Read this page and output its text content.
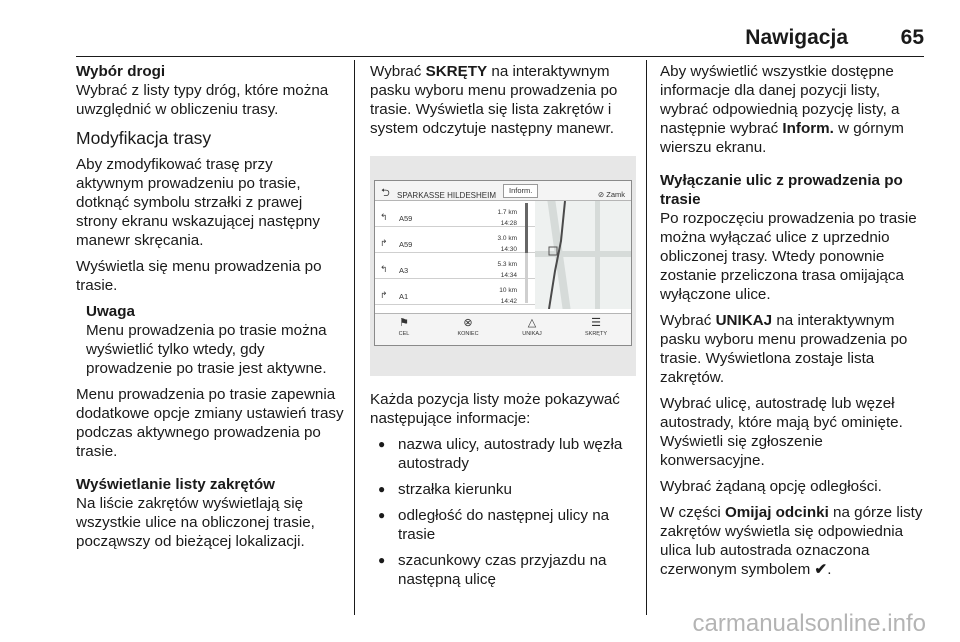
Nawigacja	65
Wybór drogi

Wybrać z listy typy dróg, które można uwzględnić w obliczeniu trasy.

Modyfikacja trasy

Aby zmodyfikować trasę przy aktywnym prowadzeniu po trasie, dotknąć symbolu strzałki z prawej strony ekranu wskazującej następny manewr skręcania.

Wyświetla się menu prowadzenia po trasie.

Uwaga
Menu prowadzenia po trasie można wyświetlić tylko wtedy, gdy prowadzenie po trasie jest aktywne.

Menu prowadzenia po trasie zapewnia dodatkowe opcje zmiany ustawień trasy podczas aktywnego prowadzenia po trasie.

Wyświetlanie listy zakrętów

Na liście zakrętów wyświetlają się wszystkie ulice na obliczonej trasie, począwszy od bieżącej lokalizacji.

Wybrać SKRĘTY na interaktywnym pasku wyboru menu prowadzenia po trasie. Wyświetla się lista zakrętów i system odczytuje następny manewr.

⮌ SPARKASSE HILDESHEIM
Inform.	⊘ Zamk
↰ A59
1.7 km
14:28
↱ A59
3.0 km
14:30
↰ A3
5.3 km
14:34
↱ A1
10 km
14:42
⚑
CEL
⊗
KONIEC
△
UNIKAJ
☰
SKRĘTY

Każda pozycja listy może pokazywać następujące informacje:

● nazwa ulicy, autostrady lub węzła autostrady
● strzałka kierunku
● odległość do następnej ulicy na trasie
● szacunkowy czas przyjazdu na następną ulicę

Aby wyświetlić wszystkie dostępne informacje dla danej pozycji listy, wybrać odpowiednią pozycję listy, a następnie wybrać Inform. w górnym wierszu ekranu.

Wyłączanie ulic z prowadzenia po trasie

Po rozpoczęciu prowadzenia po trasie można wyłączać ulice z uprzednio obliczonej trasy. Wtedy ponownie zostanie przeliczona trasa omijająca wyłączone ulice.

Wybrać UNIKAJ na interaktywnym pasku wyboru menu prowadzenia po trasie. Wyświetlona zostaje lista zakrętów.

Wybrać ulicę, autostradę lub węzeł autostrady, które mają być ominięte. Wyświetli się zgłoszenie konwersacyjne.

Wybrać żądaną opcję odległości.

W części Omijaj odcinki na górze listy zakrętów wyświetla się odpowiednia ulica lub autostrada oznaczona czerwonym symbolem ✔.

carmanualsonline.info
